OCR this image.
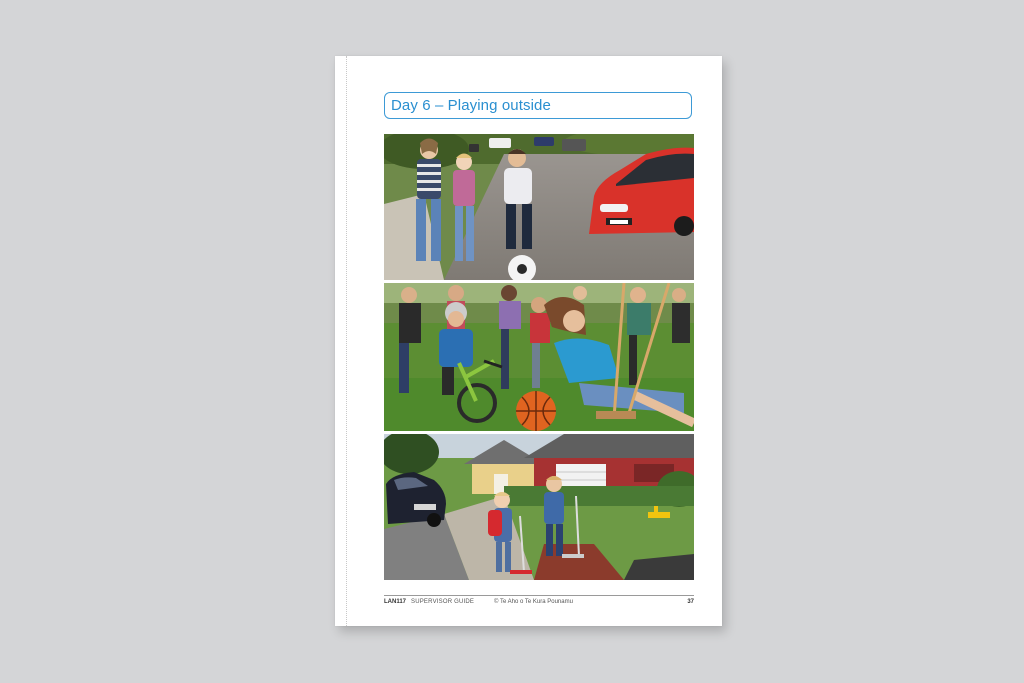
Day 6 – Playing outside
LAN117 SUPERVISOR GUIDE	© Te Aho o Te Kura Pounamu	37
